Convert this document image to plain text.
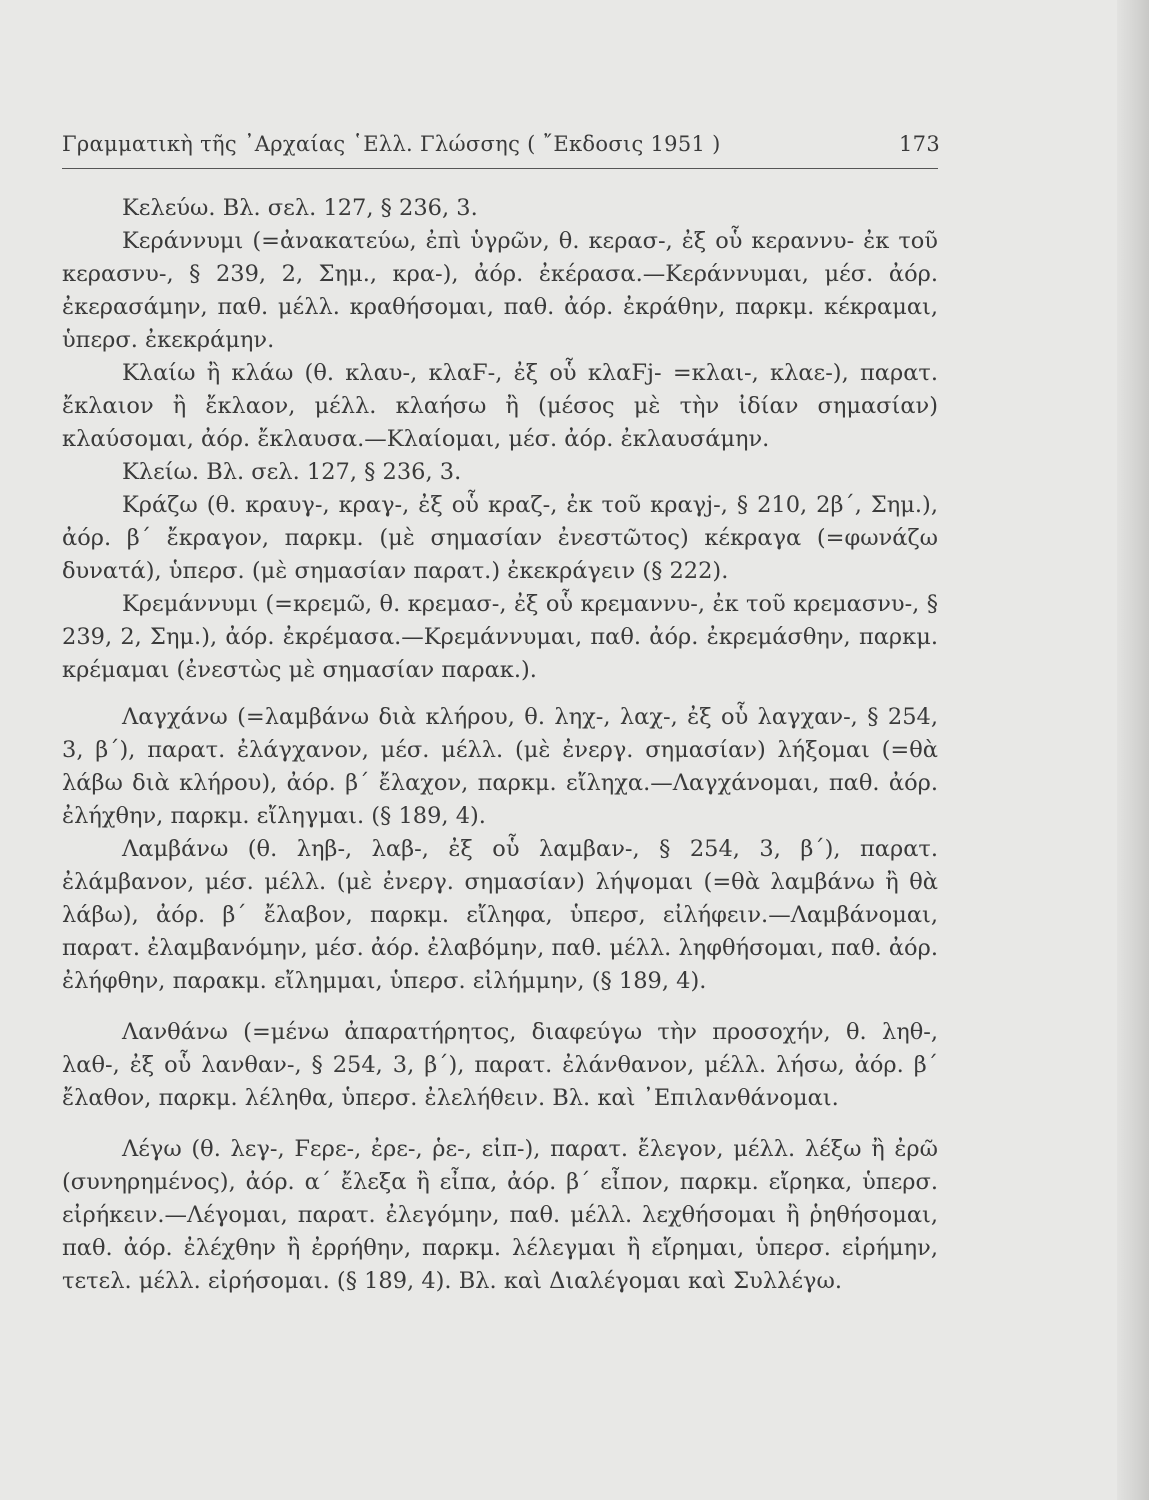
Γραμματικὴ τῆς ᾿Αρχαίας ῾Ελλ. Γλώσσης ( ῎Εκδοσις 1951 )	173

Κελεύω. Βλ. σελ. 127, § 236, 3.

Κεράννυμι (=ἀνακατεύω, ἐπὶ ὑγρῶν, θ. κερασ-, ἐξ οὗ κεραννυ- ἐκ τοῦ κερασνυ-, § 239, 2, Σημ., κρα-), ἀόρ. ἐκέρασα.—Κεράννυμαι, μέσ. ἀόρ. ἐκερασάμην, παθ. μέλλ. κραθήσομαι, παθ. ἀόρ. ἐκράθην, παρκμ. κέκραμαι, ὑπερσ. ἐκεκράμην.

Κλαίω ἢ κλάω (θ. κλαυ-, κλαϜ-, ἐξ οὗ κλαϜj- =κλαι-, κλαε-), παρατ. ἔκλαιον ἢ ἔκλαον, μέλλ. κλαήσω ἢ (μέσος μὲ τὴν ἰδίαν σημασίαν) κλαύσομαι, ἀόρ. ἔκλαυσα.—Κλαίομαι, μέσ. ἀόρ. ἐκλαυσάμην.

Κλείω. Βλ. σελ. 127, § 236, 3.

Κράζω (θ. κραυγ-, κραγ-, ἐξ οὗ κραζ-, ἐκ τοῦ κραγj-, § 210, 2β΄, Σημ.), ἀόρ. β΄ ἔκραγον, παρκμ. (μὲ σημασίαν ἐνεστῶτος) κέκραγα (=φωνάζω δυνατά), ὑπερσ. (μὲ σημασίαν παρατ.) ἐκεκράγειν (§ 222).

Κρεμάννυμι (=κρεμῶ, θ. κρεμασ-, ἐξ οὗ κρεμαννυ-, ἐκ τοῦ κρεμασνυ-, § 239, 2, Σημ.), ἀόρ. ἐκρέμασα.—Κρεμάννυμαι, παθ. ἀόρ. ἐκρεμάσθην, παρκμ. κρέμαμαι (ἐνεστὼς μὲ σημασίαν παρακ.).

Λαγχάνω (=λαμβάνω διὰ κλήρου, θ. ληχ-, λαχ-, ἐξ οὗ λαγχαν-, § 254, 3, β΄), παρατ. ἐλάγχανον, μέσ. μέλλ. (μὲ ἐνεργ. σημασίαν) λήξομαι (=θὰ λάβω διὰ κλήρου), ἀόρ. β΄ ἔλαχον, παρκμ. εἴληχα.—Λαγχάνομαι, παθ. ἀόρ. ἐλήχθην, παρκμ. εἴληγμαι. (§ 189, 4).

Λαμβάνω (θ. ληβ-, λαβ-, ἐξ οὗ λαμβαν-, § 254, 3, β΄), παρατ. ἐλάμβανον, μέσ. μέλλ. (μὲ ἐνεργ. σημασίαν) λήψομαι (=θὰ λαμβάνω ἢ θὰ λάβω), ἀόρ. β΄ ἔλαβον, παρκμ. εἴληφα, ὑπερσ, εἰλήφειν.—Λαμβάνομαι, παρατ. ἐλαμβανόμην, μέσ. ἀόρ. ἐλαβόμην, παθ. μέλλ. ληφθήσομαι, παθ. ἀόρ. ἐλήφθην, παρακμ. εἴλημμαι, ὑπερσ. εἰλήμμην, (§ 189, 4).

Λανθάνω (=μένω ἀπαρατήρητος, διαφεύγω τὴν προσοχήν, θ. ληθ-, λαθ-, ἐξ οὗ λανθαν-, § 254, 3, β΄), παρατ. ἐλάνθανον, μέλλ. λήσω, ἀόρ. β΄ ἔλαθον, παρκμ. λέληθα, ὑπερσ. ἐλελήθειν. Βλ. καὶ ᾿Επιλανθάνομαι.

Λέγω (θ. λεγ-, Ϝερε-, ἐρε-, ῥε-, εἰπ-), παρατ. ἔλεγον, μέλλ. λέξω ἢ ἐρῶ (συνηρημένος), ἀόρ. α΄ ἔλεξα ἢ εἶπα, ἀόρ. β΄ εἶπον, παρκμ. εἴρηκα, ὑπερσ. εἰρήκειν.—Λέγομαι, παρατ. ἐλεγόμην, παθ. μέλλ. λεχθήσομαι ἢ ῥηθήσομαι, παθ. ἀόρ. ἐλέχθην ἢ ἐρρήθην, παρκμ. λέλεγμαι ἢ εἴρημαι, ὑπερσ. εἰρήμην, τετελ. μέλλ. εἰρήσομαι. (§ 189, 4). Βλ. καὶ Διαλέγομαι καὶ Συλλέγω.
